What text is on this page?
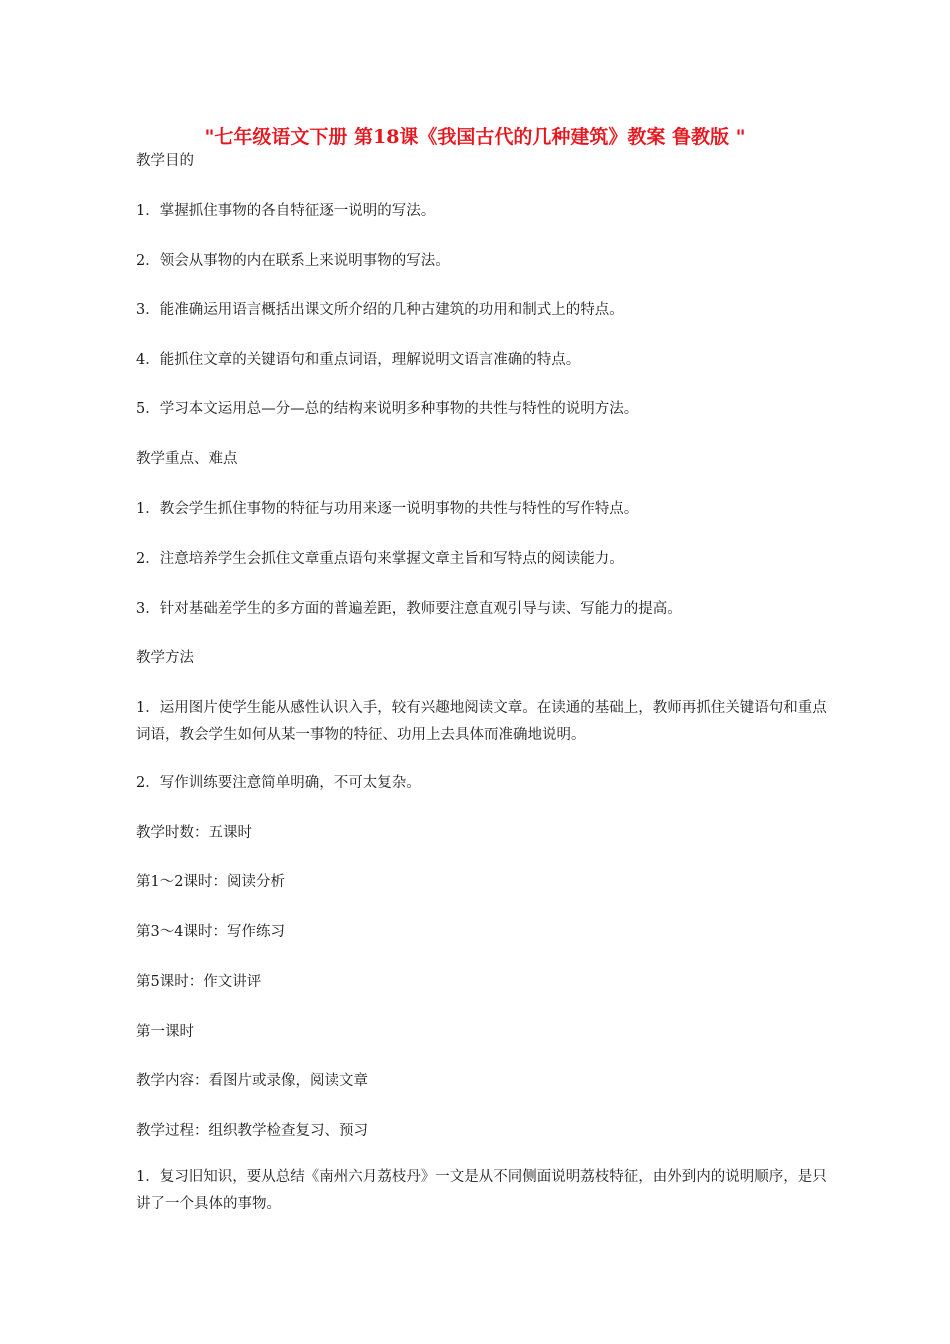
"七年级语文下册 第18课《我国古代的几种建筑》教案 鲁教版 "
教学目的
1．掌握抓住事物的各自特征逐一说明的写法。
2．领会从事物的内在联系上来说明事物的写法。
3．能准确运用语言概括出课文所介绍的几种古建筑的功用和制式上的特点。
4．能抓住文章的关键语句和重点词语，理解说明文语言准确的特点。
5．学习本文运用总—分—总的结构来说明多种事物的共性与特性的说明方法。
教学重点、难点
1．教会学生抓住事物的特征与功用来逐一说明事物的共性与特性的写作特点。
2．注意培养学生会抓住文章重点语句来掌握文章主旨和写特点的阅读能力。
3．针对基础差学生的多方面的普遍差距，教师要注意直观引导与读、写能力的提高。
教学方法
1．运用图片使学生能从感性认识入手，较有兴趣地阅读文章。在读通的基础上，教师再抓住关键语句和重点词语，教会学生如何从某一事物的特征、功用上去具体而准确地说明。
2．写作训练要注意简单明确，不可太复杂。
教学时数：五课时
第1～2课时：阅读分析
第3～4课时：写作练习
第5课时：作文讲评
第一课时
教学内容：看图片或录像，阅读文章
教学过程：组织教学检查复习、预习
1．复习旧知识，要从总结《南州六月荔枝丹》一文是从不同侧面说明荔枝特征，由外到内的说明顺序，是只讲了一个具体的事物。
